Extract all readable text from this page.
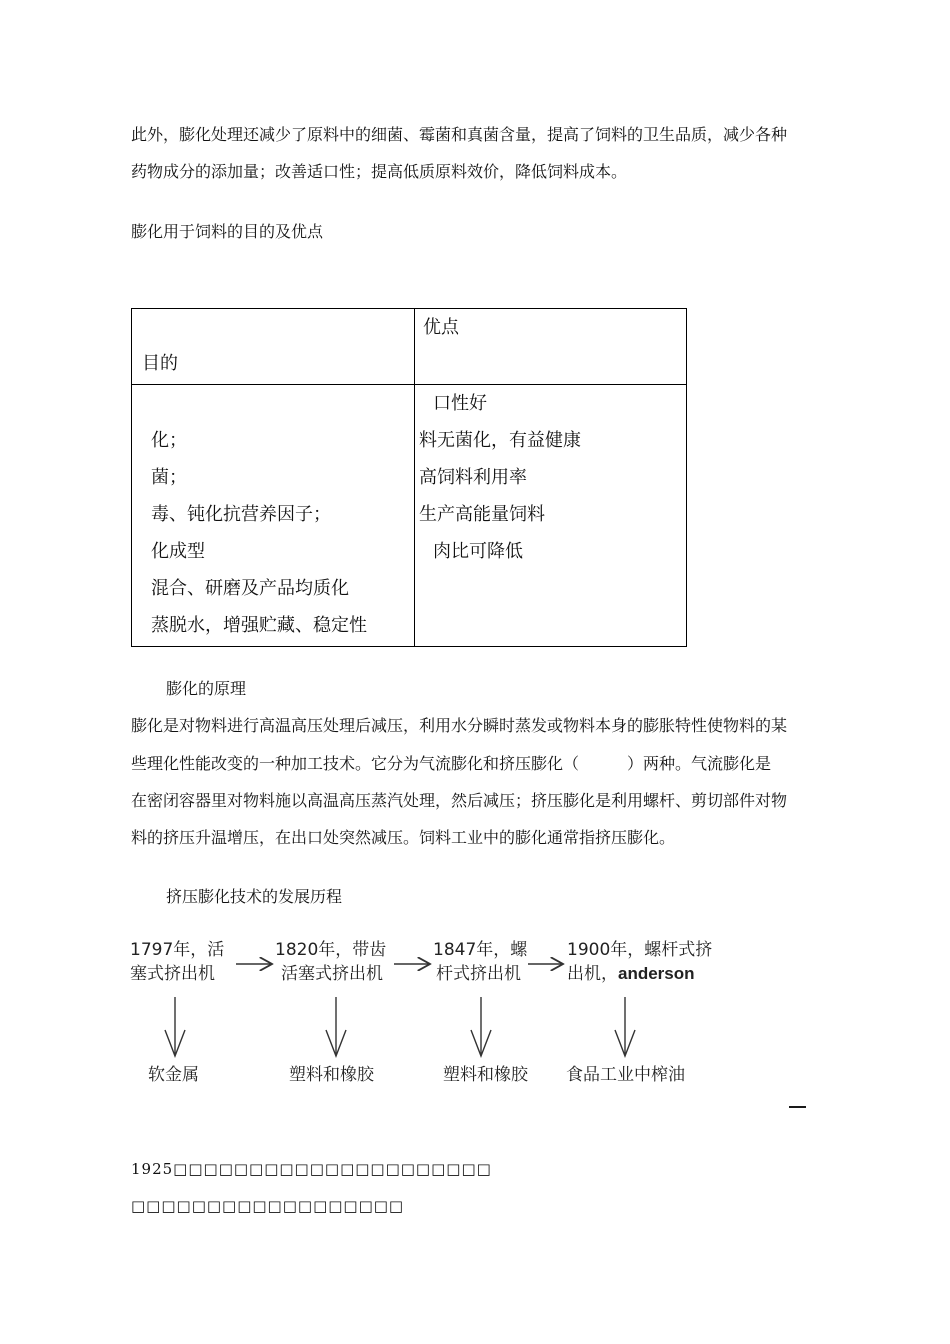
此外，膨化处理还减少了原料中的细菌、霉菌和真菌含量，提高了饲料的卫生品质，减少各种
药物成分的添加量；改善适口性；提高低质原料效价，降低饲料成本。
膨化用于饲料的目的及优点
目的
优点
化；
菌；
毒、钝化抗营养因子；
化成型
混合、研磨及产品均质化
蒸脱水，增强贮藏、稳定性
口性好
料无菌化，有益健康
高饲料利用率
生产高能量饲料
肉比可降低
膨化的原理
膨化是对物料进行高温高压处理后减压，利用水分瞬时蒸发或物料本身的膨胀特性使物料的某
些理化性能改变的一种加工技术。它分为气流膨化和挤压膨化（　　　）两种。气流膨化是
在密闭容器里对物料施以高温高压蒸汽处理，然后减压；挤压膨化是利用螺杆、剪切部件对物
料的挤压升温增压，在出口处突然减压。饲料工业中的膨化通常指挤压膨化。
挤压膨化技术的发展历程
1797年，活
塞式挤出机
软金属
1820年，带齿
活塞式挤出机
塑料和橡胶
1847年，螺
杆式挤出机
塑料和橡胶
1900年，螺杆式挤
出机，anderson
食品工业中榨油
1925□□□□□□□□□□□□□□□□□□□□□
□□□□□□□□□□□□□□□□□□
